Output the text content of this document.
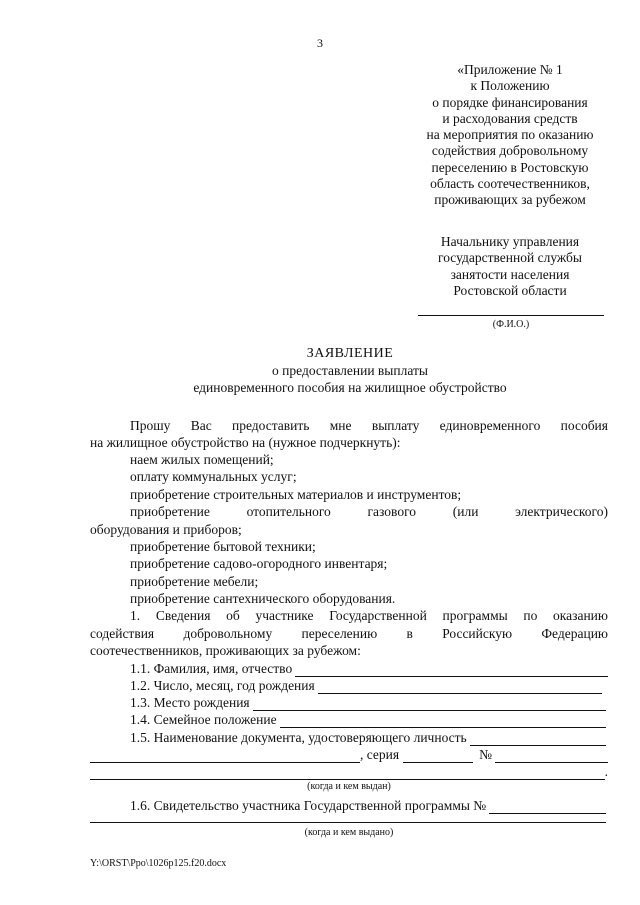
3
«Приложение № 1
к Положению
о порядке финансирования
и расходования средств
на мероприятия по оказанию
содействия добровольному
переселению в Ростовскую
область соотечественников,
проживающих за рубежом
Начальнику управления
государственной службы
занятости населения
Ростовской области
(Ф.И.О.)
ЗАЯВЛЕНИЕ
о предоставлении выплаты
единовременного пособия на жилищное обустройство
Прошу Вас предоставить мне выплату единовременного пособия
на жилищное обустройство на (нужное подчеркнуть):
наем жилых помещений;
оплату коммунальных услуг;
приобретение строительных материалов и инструментов;
приобретение отопительного газового (или электрического)
оборудования и приборов;
приобретение бытовой техники;
приобретение садово-огородного инвентаря;
приобретение мебели;
приобретение сантехнического оборудования.
1. Сведения об участнике Государственной программы по оказанию
содействия добровольному переселению в Российскую Федерацию
соотечественников, проживающих за рубежом:
1.1. Фамилия, имя, отчество
1.2. Число, месяц, год рождения
1.3. Место рождения
1.4. Семейное положение
1.5. Наименование документа, удостоверяющего личность
, серия	№
.
(когда и кем выдан)
1.6. Свидетельство участника Государственной программы №
(когда и кем выдано)
Y:\ORST\Ppo\1026p125.f20.docx
